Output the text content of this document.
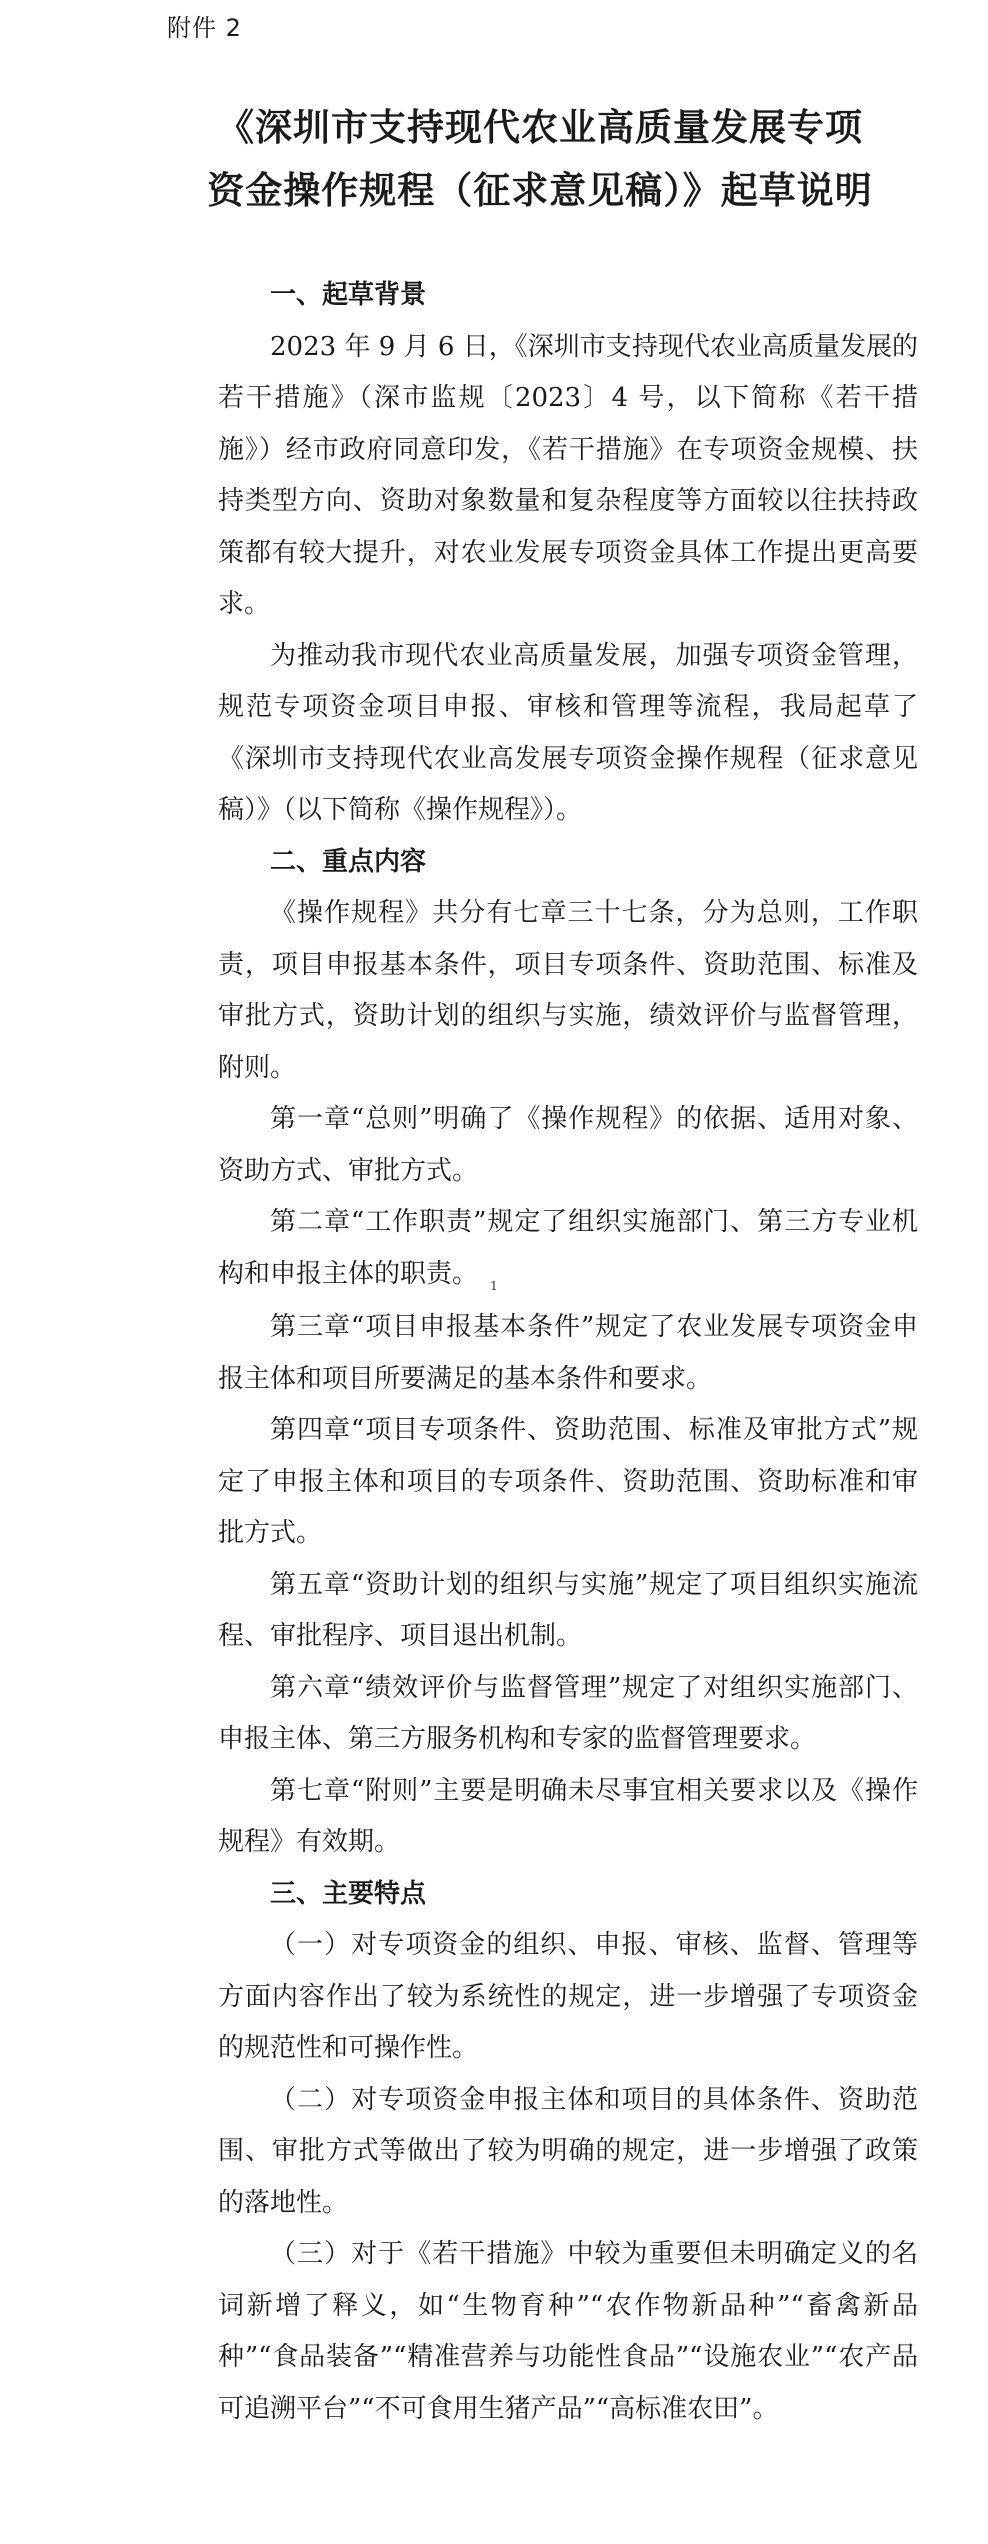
附件 2
《深圳市支持现代农业高质量发展专项
资金操作规程（征求意见稿）》起草说明

一、起草背景

2023 年 9 月 6 日，《深圳市支持现代农业高质量发展的若干措施》（深市监规〔2023〕4 号，以下简称《若干措施》）经市政府同意印发，《若干措施》在专项资金规模、扶持类型方向、资助对象数量和复杂程度等方面较以往扶持政策都有较大提升，对农业发展专项资金具体工作提出更高要求。

为推动我市现代农业高质量发展，加强专项资金管理，规范专项资金项目申报、审核和管理等流程，我局起草了《深圳市支持现代农业高发展专项资金操作规程（征求意见稿）》（以下简称《操作规程》）。

二、重点内容

《操作规程》共分有七章三十七条，分为总则，工作职责，项目申报基本条件，项目专项条件、资助范围、标准及审批方式，资助计划的组织与实施，绩效评价与监督管理，附则。

第一章“总则”明确了《操作规程》的依据、适用对象、资助方式、审批方式。

第二章“工作职责”规定了组织实施部门、第三方专业机构和申报主体的职责。	1

第三章“项目申报基本条件”规定了农业发展专项资金申报主体和项目所要满足的基本条件和要求。

第四章“项目专项条件、资助范围、标准及审批方式”规定了申报主体和项目的专项条件、资助范围、资助标准和审批方式。

第五章“资助计划的组织与实施”规定了项目组织实施流程、审批程序、项目退出机制。

第六章“绩效评价与监督管理”规定了对组织实施部门、申报主体、第三方服务机构和专家的监督管理要求。

第七章“附则”主要是明确未尽事宜相关要求以及《操作规程》有效期。

三、主要特点

（一）对专项资金的组织、申报、审核、监督、管理等方面内容作出了较为系统性的规定，进一步增强了专项资金的规范性和可操作性。

（二）对专项资金申报主体和项目的具体条件、资助范围、审批方式等做出了较为明确的规定，进一步增强了政策的落地性。

（三）对于《若干措施》中较为重要但未明确定义的名词新增了释义，如“生物育种”“农作物新品种”“畜禽新品种”“食品装备”“精准营养与功能性食品”“设施农业”“农产品可追溯平台”“不可食用生猪产品”“高标准农田”。
